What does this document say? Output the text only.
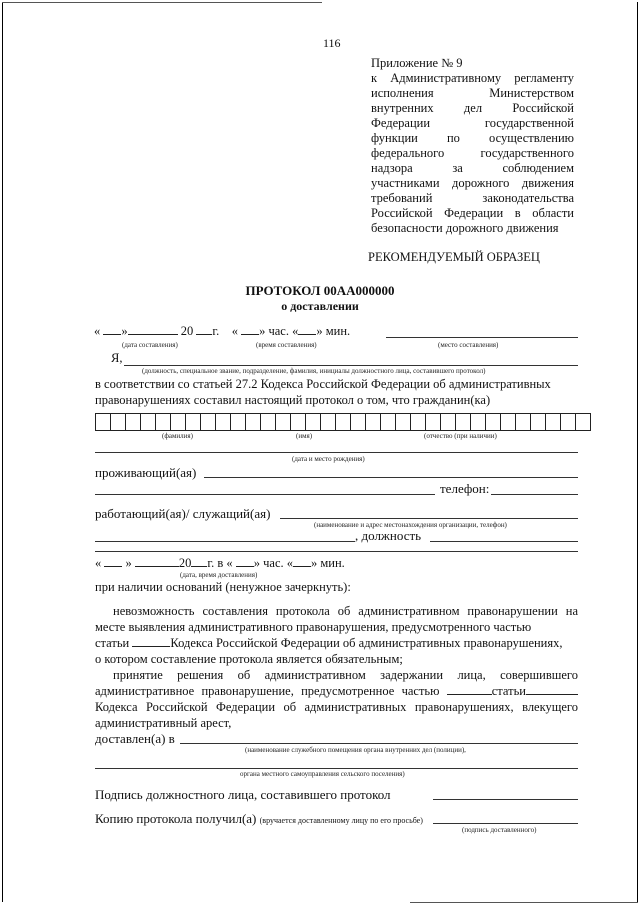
116
Приложение № 9
к Административному регламенту
исполнения	Министерством
внутренних дел Российской
Федерации	государственной
функции по осуществлению
федерального	государственного
надзора	за	соблюдением
участниками дорожного движения
требований	законодательства
Российской Федерации в области
безопасности дорожного движения
РЕКОМЕНДУЕМЫЙ ОБРАЗЕЦ
ПРОТОКОЛ 00АА000000
о доставлении
« »	20 г. « » час. « » мин.
(дата составления)	(время составления)	(место составления)
Я,
(должность, специальное звание, подразделение, фамилия, инициалы должностного лица, составившего протокол)
в соответствии со статьей 27.2 Кодекса Российской Федерации об административных
правонарушениях составил настоящий протокол о том, что гражданин(ка)
(фамилия)	(имя)	(отчество (при наличии)
(дата и место рождения)
проживающий(ая)
телефон:
работающий(ая)/ служащий(ая)
(наименование и адрес местонахождения организации, телефон)
, должность
« »	20 г. в « » час. « » мин.
(дата, время доставления)
при наличии оснований (ненужное зачеркнуть):

невозможность составления протокола об административном правонарушении на

месте выявления административного правонарушения, предусмотренного частью

статьи	Кодекса Российской Федерации об административных правонарушениях,

о котором составление протокола является обязательным;

принятие решения об административном задержании лица, совершившего

административное правонарушение, предусмотренное частью	статьи

Кодекса Российской Федерации об административных правонарушениях, влекущего

административный арест,

доставлен(а) в
(наименование служебного помещения органа внутренних дел (полиции),
органа местного самоуправления сельского поселения)
Подпись должностного лица, составившего протокол
Копию протокола получил(а) (вручается доставленному лицу по его просьбе)
(подпись доставленного)
